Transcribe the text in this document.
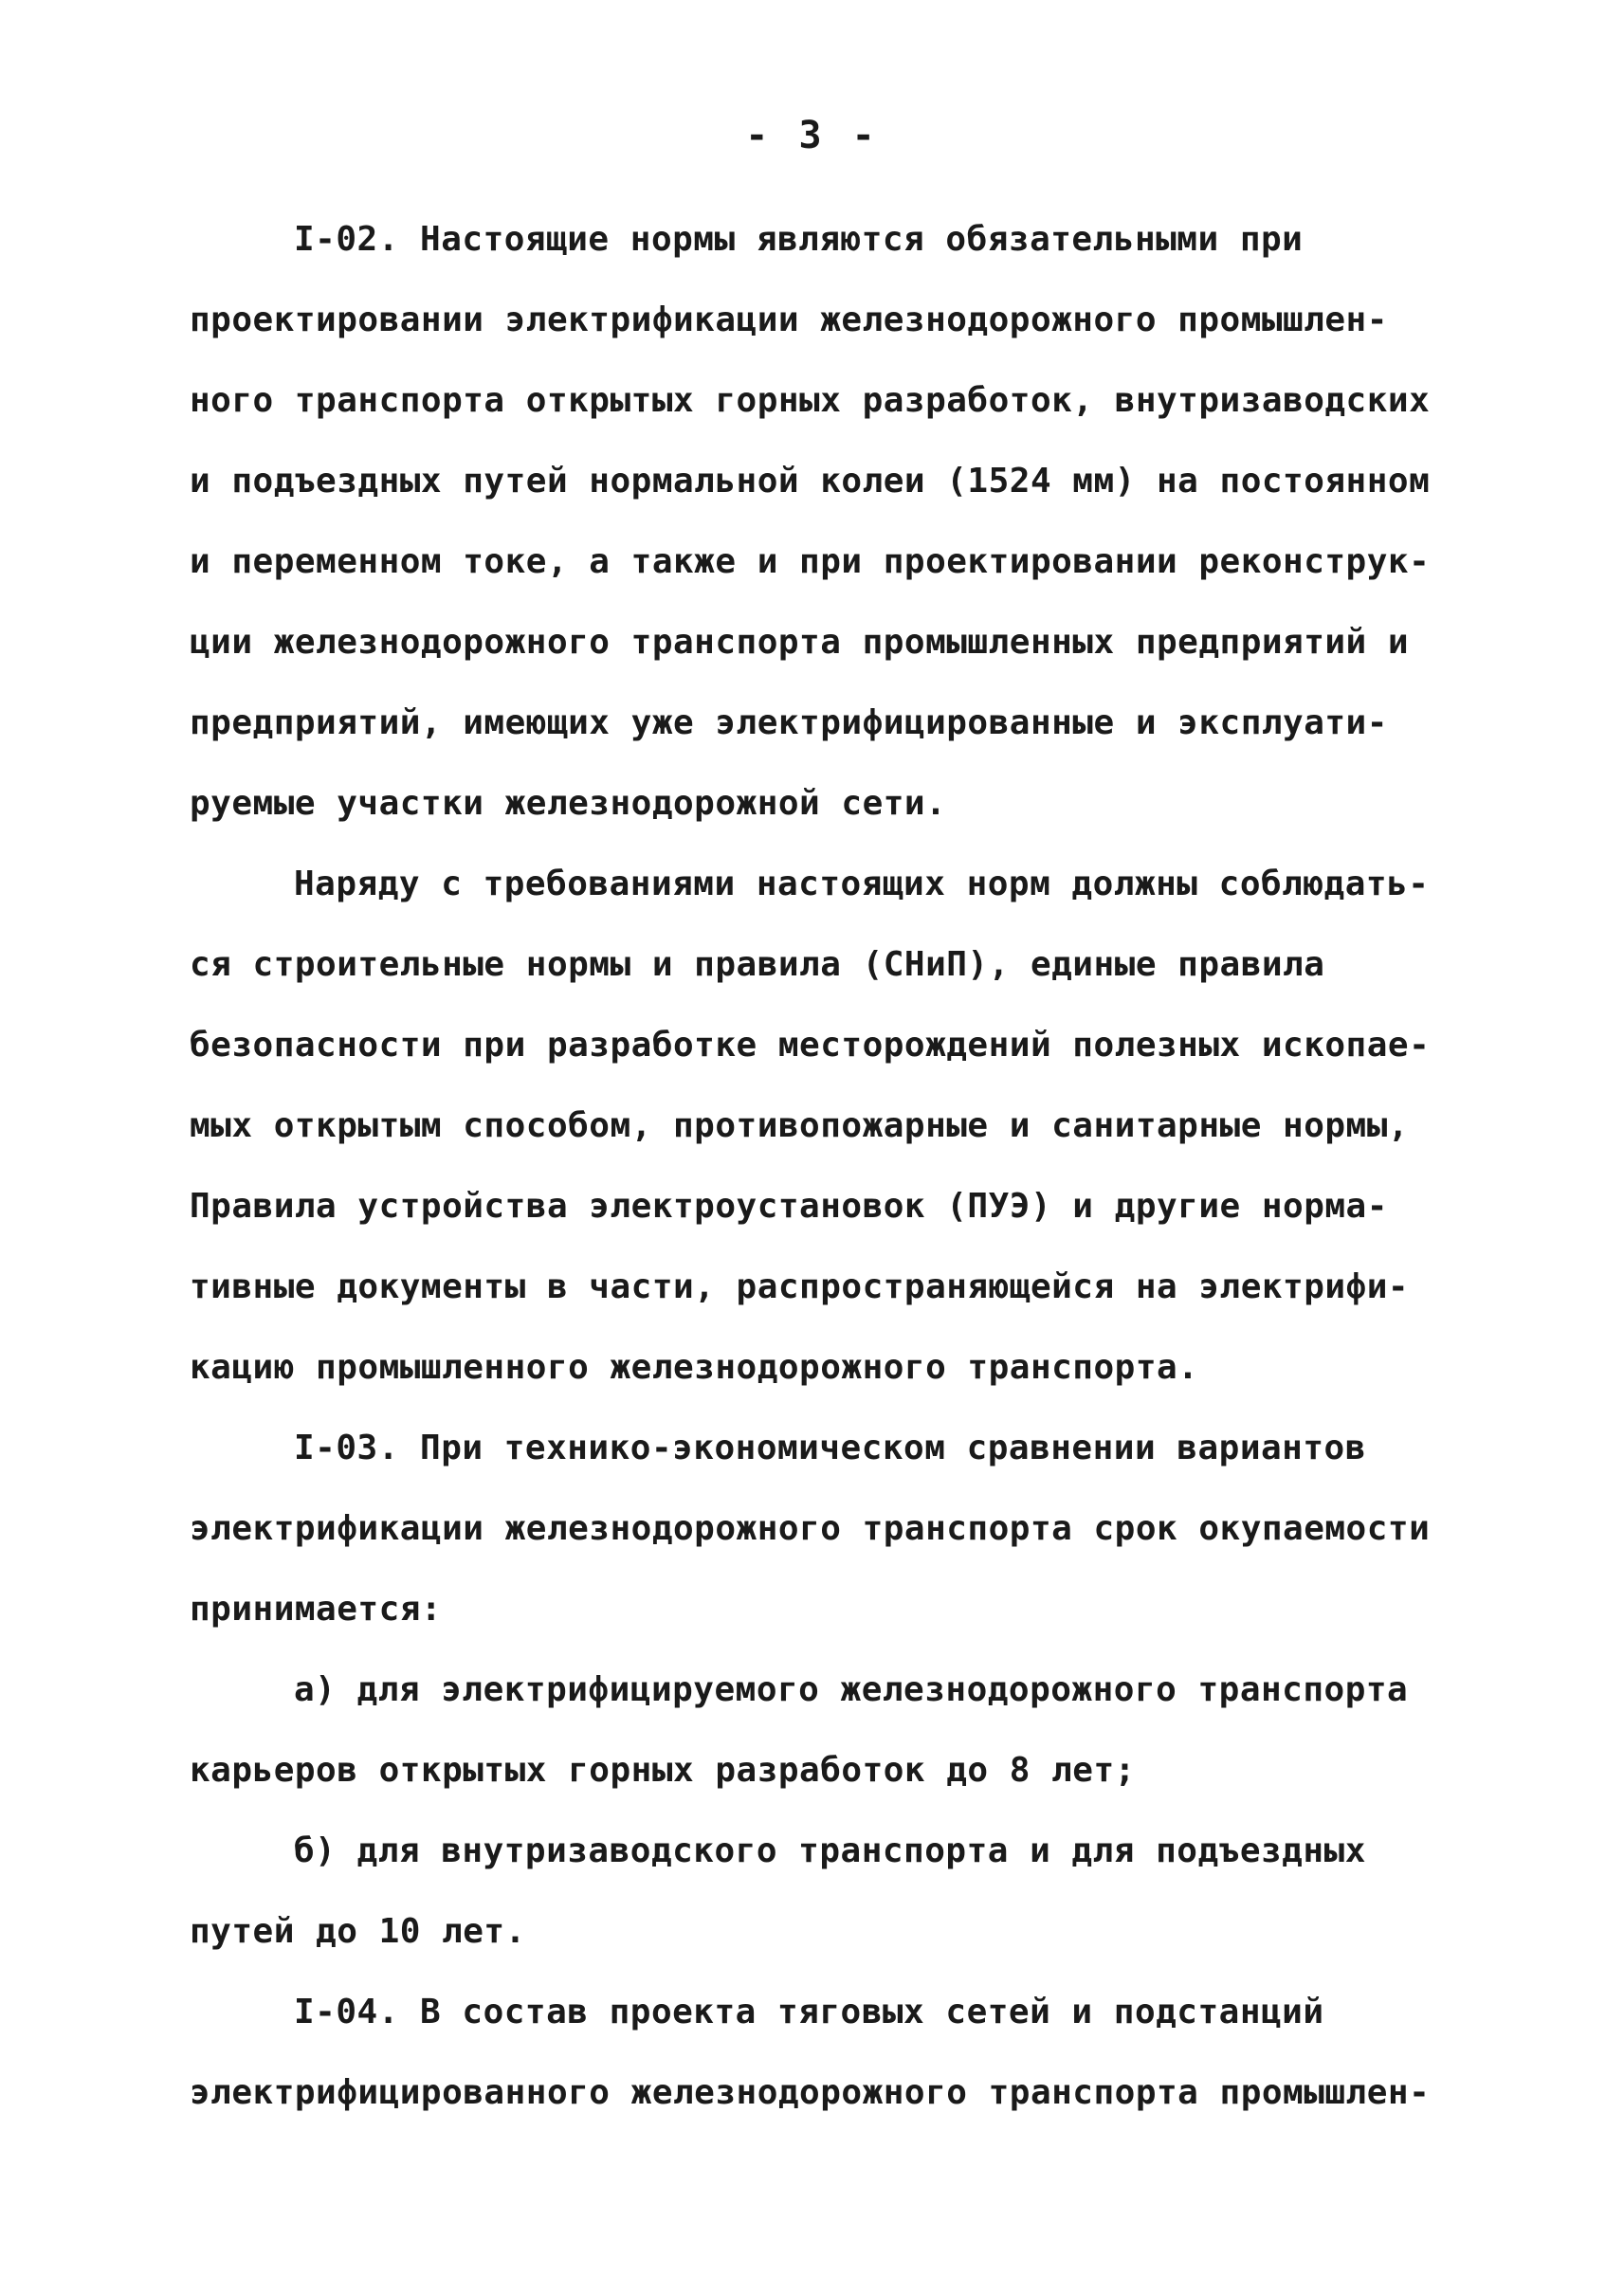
- 3 -
I-02. Настоящие нормы являются обязательными при
проектировании электрификации железнодорожного промышлен-
ного транспорта открытых горных разработок, внутризаводских
и подъездных путей нормальной колеи (1524 мм) на постоянном
и переменном токе, а также и при проектировании реконструк-
ции железнодорожного транспорта промышленных предприятий и
предприятий, имеющих уже электрифицированные и эксплуати-
руемые участки железнодорожной сети.
Наряду с требованиями настоящих норм должны соблюдать-
ся строительные нормы и правила (СНиП), единые правила
безопасности при разработке месторождений полезных ископае-
мых открытым способом, противопожарные и санитарные нормы,
Правила устройства электроустановок (ПУЭ) и другие норма-
тивные документы в части, распространяющейся на электрифи-
кацию промышленного железнодорожного транспорта.
I-03. При технико-экономическом сравнении вариантов
электрификации железнодорожного транспорта срок окупаемости
принимается:
а) для электрифицируемого железнодорожного транспорта
карьеров открытых горных разработок до 8 лет;
б) для внутризаводского транспорта и для подъездных
путей до 10 лет.
I-04. В состав проекта тяговых сетей и подстанций
электрифицированного железнодорожного транспорта промышлен-
